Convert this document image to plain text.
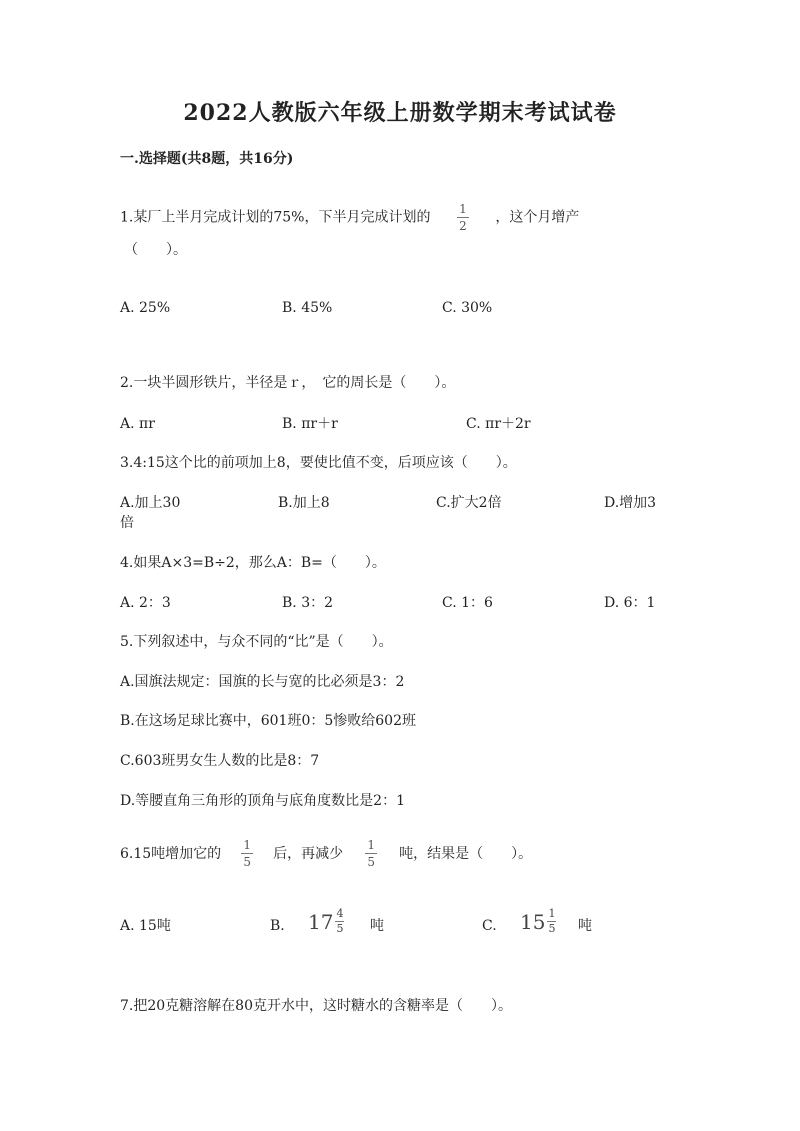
2022人教版六年级上册数学期末考试试卷
一.选择题(共8题，共16分)
1.某厂上半月完成计划的75%，下半月完成计划的 $\frac{1}{2}$ ，这个月增产
（　　）。
A. 25%	B. 45%	C. 30%
2.一块半圆形铁片，半径是ｒ，　它的周长是（　　）。
A. πr	B. πr＋r	C. πr＋2r
3.4:15这个比的前项加上8，要使比值不变，后项应该（　　）。
A.加上30	B.加上8	C.扩大2倍	D.增加3
倍
4.如果A×3=B÷2，那么A：B=（　　）。
A. 2：3	B. 3：2	C. 1：6	D. 6：1
5.下列叙述中，与众不同的“比”是（　　）。
A.国旗法规定：国旗的长与宽的比必须是3：2
B.在这场足球比赛中，601班0：5惨败给602班
C.603班男女生人数的比是8：7
D.等腰直角三角形的顶角与底角度数比是2：1
6.15吨增加它的 $\frac{1}{5}$ 后，再减少 $\frac{1}{5}$ 吨，结果是（　　）。
A. 15吨	B. $17 \frac{4}{5}$ 吨	C. $15 \frac{1}{5}$ 吨
7.把20克糖溶解在80克开水中，这时糖水的含糖率是（　　）。
